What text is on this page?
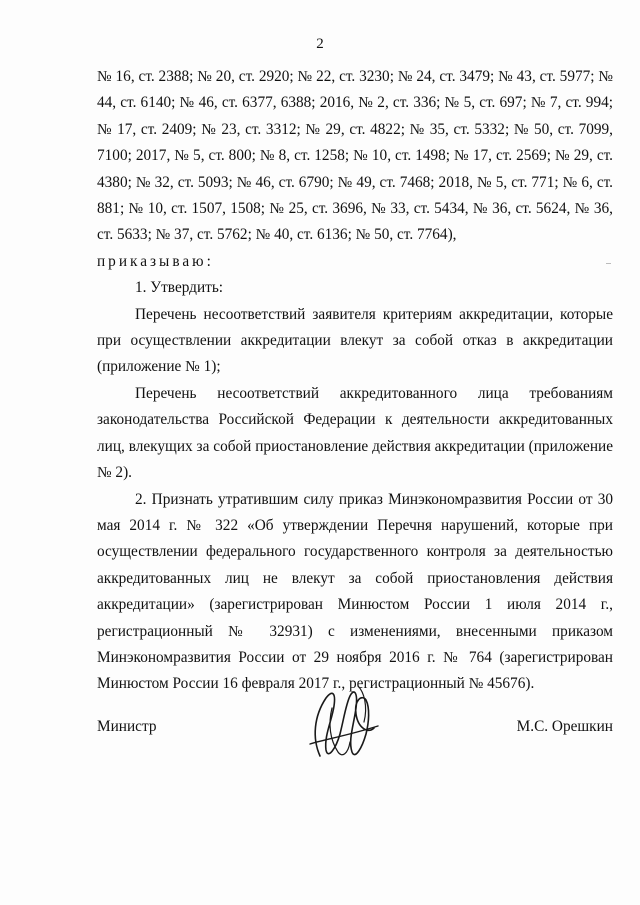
2

№ 16, ст. 2388; № 20, ст. 2920; № 22, ст. 3230; № 24, ст. 3479; № 43, ст. 5977; № 44, ст. 6140; № 46, ст. 6377, 6388; 2016, № 2, ст. 336; № 5, ст. 697; № 7, ст. 994; № 17, ст. 2409; № 23, ст. 3312; № 29, ст. 4822; № 35, ст. 5332; № 50, ст. 7099, 7100; 2017, № 5, ст. 800; № 8, ст. 1258; № 10, ст. 1498; № 17, ст. 2569; № 29, ст. 4380; № 32, ст. 5093; № 46, ст. 6790; № 49, ст. 7468; 2018, № 5, ст. 771; № 6, ст. 881; № 10, ст. 1507, 1508; № 25, ст. 3696, № 33, ст. 5434, № 36, ст. 5624, № 36, ст. 5633; № 37, ст. 5762; № 40, ст. 6136; № 50, ст. 7764),

приказываю:

1. Утвердить:

Перечень несоответствий заявителя критериям аккредитации, которые при осуществлении аккредитации влекут за собой отказ в аккредитации (приложение № 1);

Перечень несоответствий аккредитованного лица требованиям законодательства Российской Федерации к деятельности аккредитованных лиц, влекущих за собой приостановление действия аккредитации (приложение № 2).

2. Признать утратившим силу приказ Минэкономразвития России от 30 мая 2014 г. № 322 «Об утверждении Перечня нарушений, которые при осуществлении федерального государственного контроля за деятельностью аккредитованных лиц не влекут за собой приостановления действия аккредитации» (зарегистрирован Минюстом России 1 июля 2014 г., регистрационный № 32931) с изменениями, внесенными приказом Минэкономразвития России от 29 ноября 2016 г. № 764 (зарегистрирован Минюстом России 16 февраля 2017 г., регистрационный № 45676).

Министр	М.С. Орешкин
